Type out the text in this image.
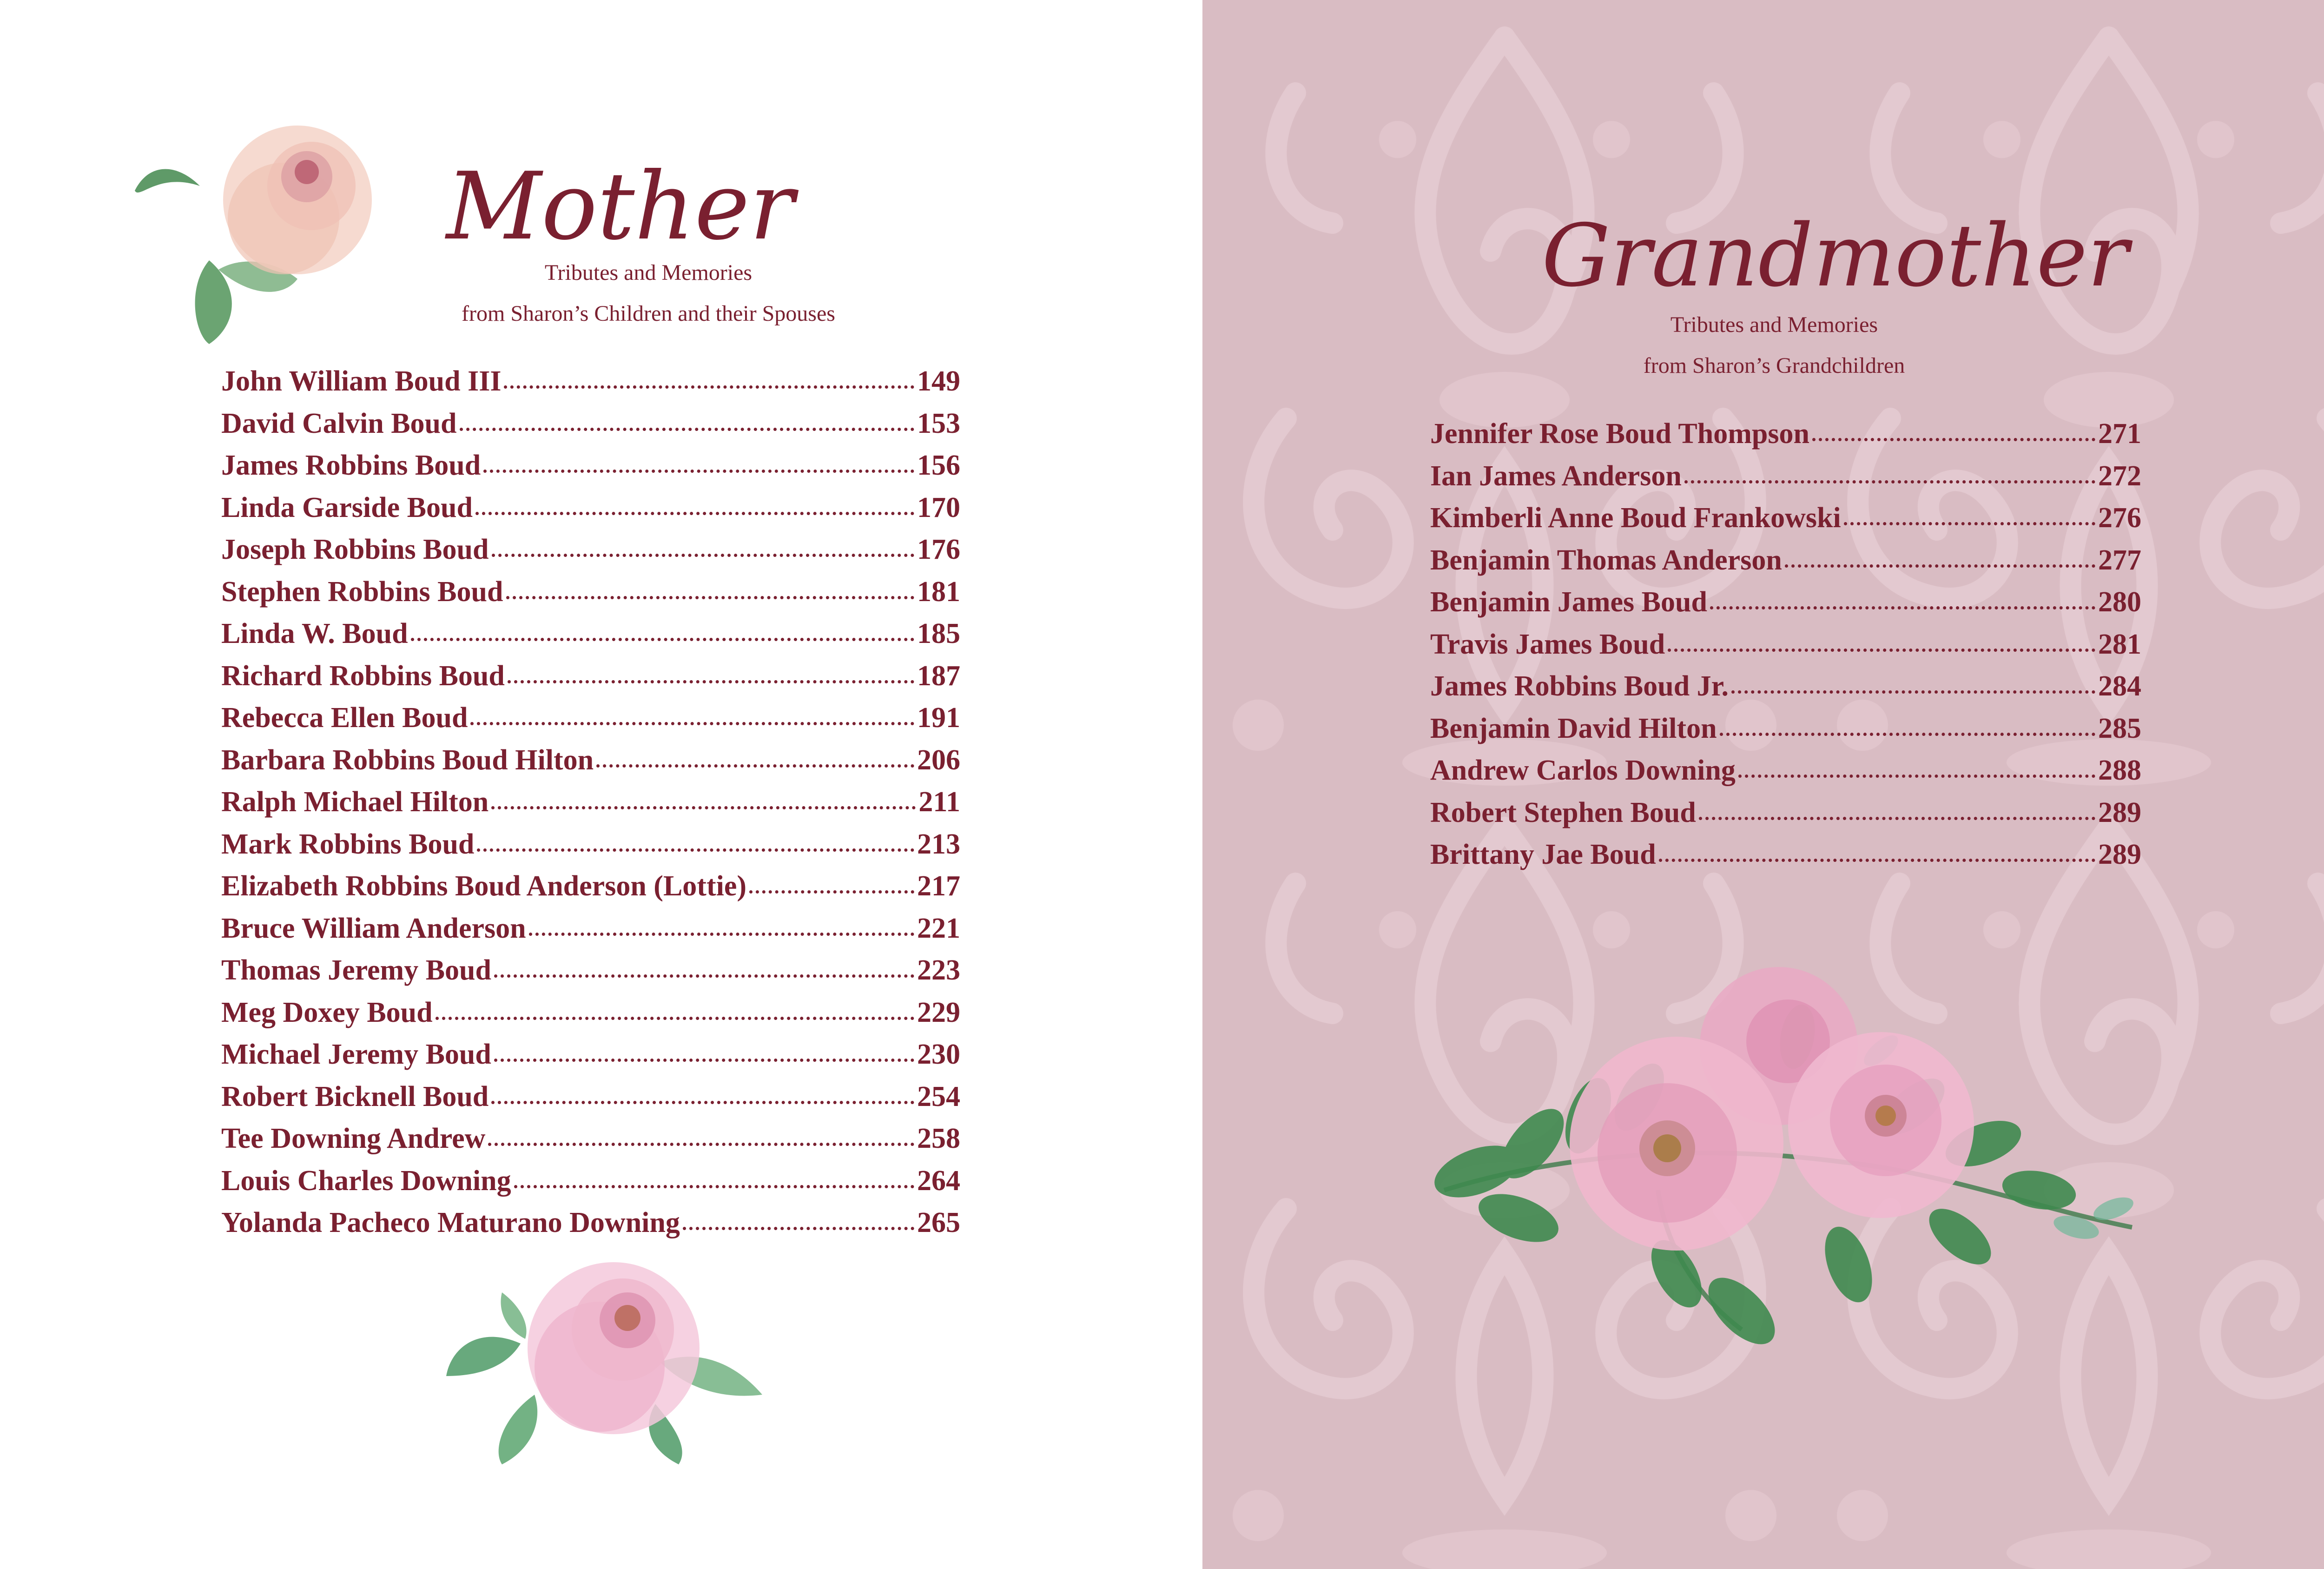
Mother

Tributes and Memories

from Sharon’s Children and their Spouses

John William Boud III	149
David Calvin Boud	153
James Robbins Boud	156
Linda Garside Boud	170
Joseph Robbins Boud	176
Stephen Robbins Boud	181
Linda W. Boud	185
Richard Robbins Boud	187
Rebecca Ellen Boud	191
Barbara Robbins Boud Hilton	206
Ralph Michael Hilton	211
Mark Robbins Boud	213
Elizabeth Robbins Boud Anderson (Lottie)	217
Bruce William Anderson	221
Thomas Jeremy Boud	223
Meg Doxey Boud	229
Michael Jeremy Boud	230
Robert Bicknell Boud	254
Tee Downing Andrew	258
Louis Charles Downing	264
Yolanda Pacheco Maturano Downing	265
Grandmother

Tributes and Memories

from Sharon’s Grandchildren

Jennifer Rose Boud Thompson	271
Ian James Anderson	272
Kimberli Anne Boud Frankowski	276
Benjamin Thomas Anderson	277
Benjamin James Boud	280
Travis James Boud	281
James Robbins Boud Jr.	284
Benjamin David Hilton	285
Andrew Carlos Downing	288
Robert Stephen Boud	289
Brittany Jae Boud	289
